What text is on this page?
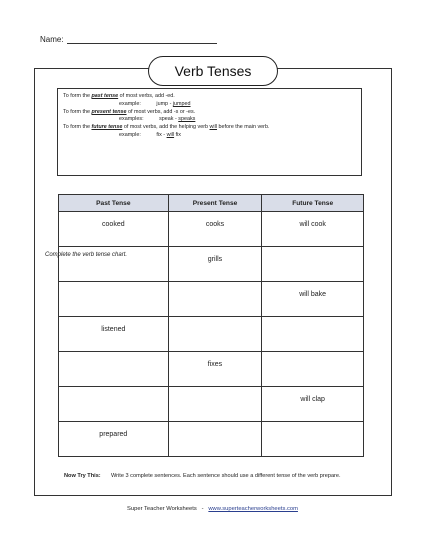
Name:
Complete the verb tense chart.
Verb Tenses
To form the past tense of most verbs, add -ed.
example:	jump - jumped
To form the present tense of most verbs, add -s or -es.
examples:	speak - speaks
To form the future tense of most verbs, add the helping verb will before the main verb.
example:	fix - will fix
Past Tense	Present Tense	Future Tense
cooked	cooks	will cook
	grills	
		will bake
listened		
	fixes	
		will clap
prepared		
Now Try This:	Write 3 complete sentences. Each sentence should use a different tense of the verb prepare.
Super Teacher Worksheets - www.superteacherworksheets.com
